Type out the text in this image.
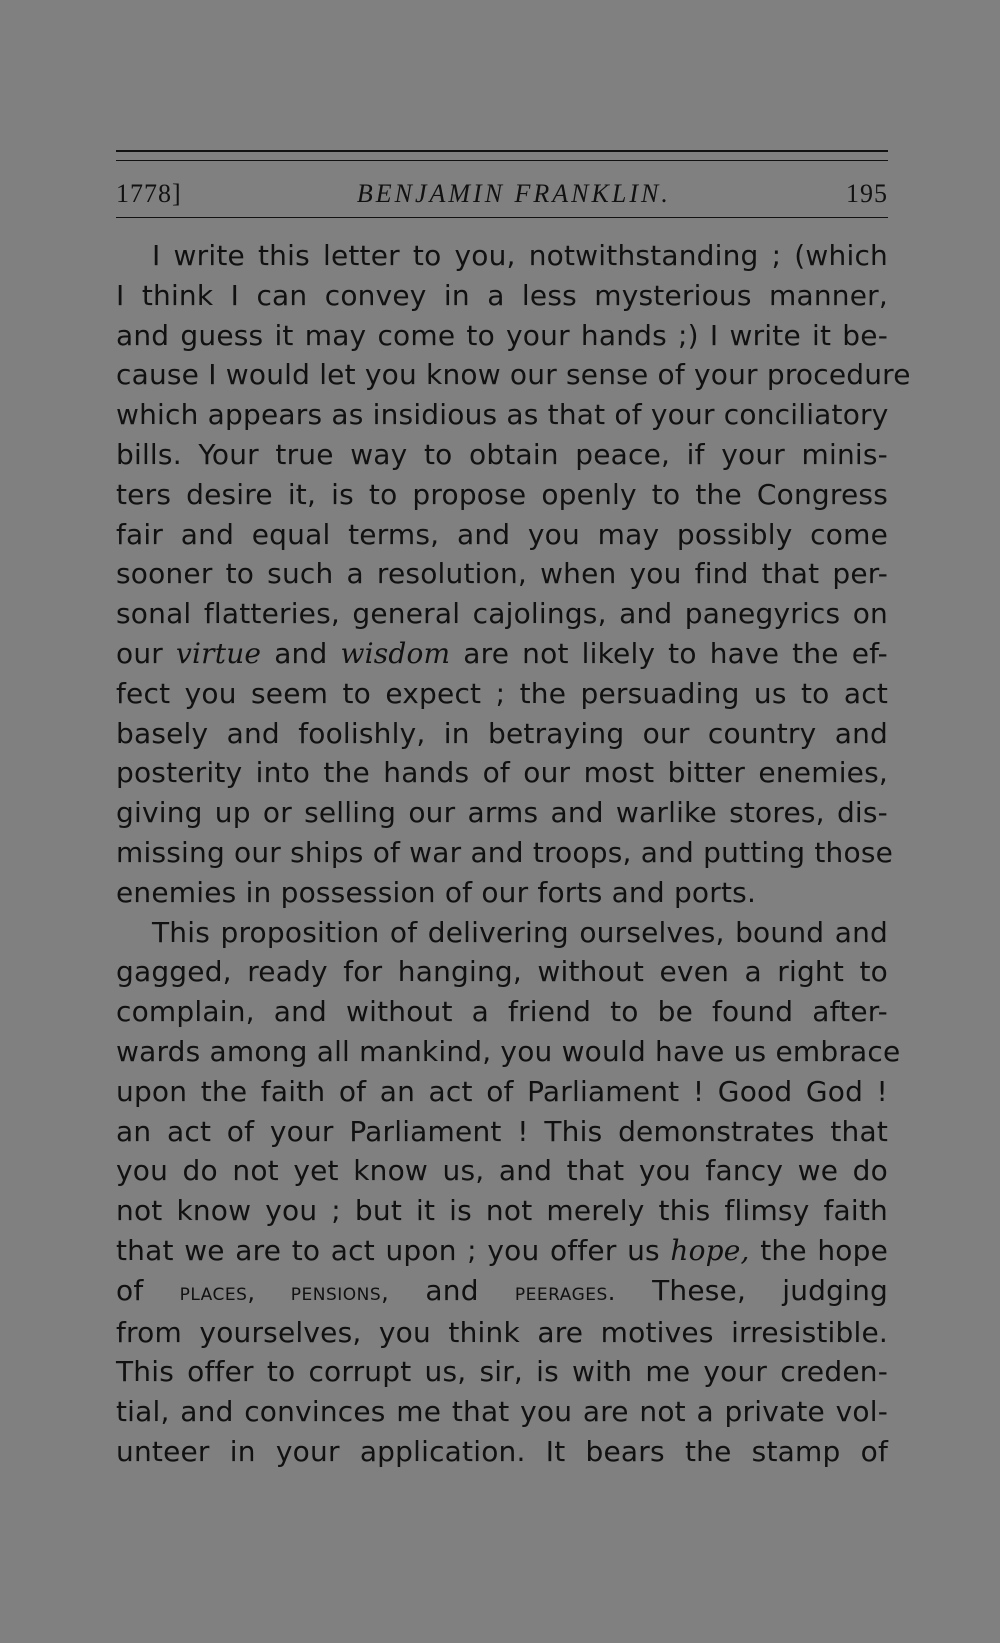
1778]	BENJAMIN FRANKLIN.	195
I write this letter to you, notwithstanding ; (which
I think I can convey in a less mysterious manner,
and guess it may come to your hands ;) I write it be-
cause I would let you know our sense of your procedure
which appears as insidious as that of your conciliatory
bills. Your true way to obtain peace, if your minis-
ters desire it, is to propose openly to the Congress
fair and equal terms, and you may possibly come
sooner to such a resolution, when you find that per-
sonal flatteries, general cajolings, and panegyrics on
our virtue and wisdom are not likely to have the ef-
fect you seem to expect ; the persuading us to act
basely and foolishly, in betraying our country and
posterity into the hands of our most bitter enemies,
giving up or selling our arms and warlike stores, dis-
missing our ships of war and troops, and putting those
enemies in possession of our forts and ports.
This proposition of delivering ourselves, bound and
gagged, ready for hanging, without even a right to
complain, and without a friend to be found after-
wards among all mankind, you would have us embrace
upon the faith of an act of Parliament ! Good God !
an act of your Parliament ! This demonstrates that
you do not yet know us, and that you fancy we do
not know you ; but it is not merely this flimsy faith
that we are to act upon ; you offer us hope, the hope
of places, pensions, and peerages. These, judging
from yourselves, you think are motives irresistible.
This offer to corrupt us, sir, is with me your creden-
tial, and convinces me that you are not a private vol-
unteer in your application. It bears the stamp of
